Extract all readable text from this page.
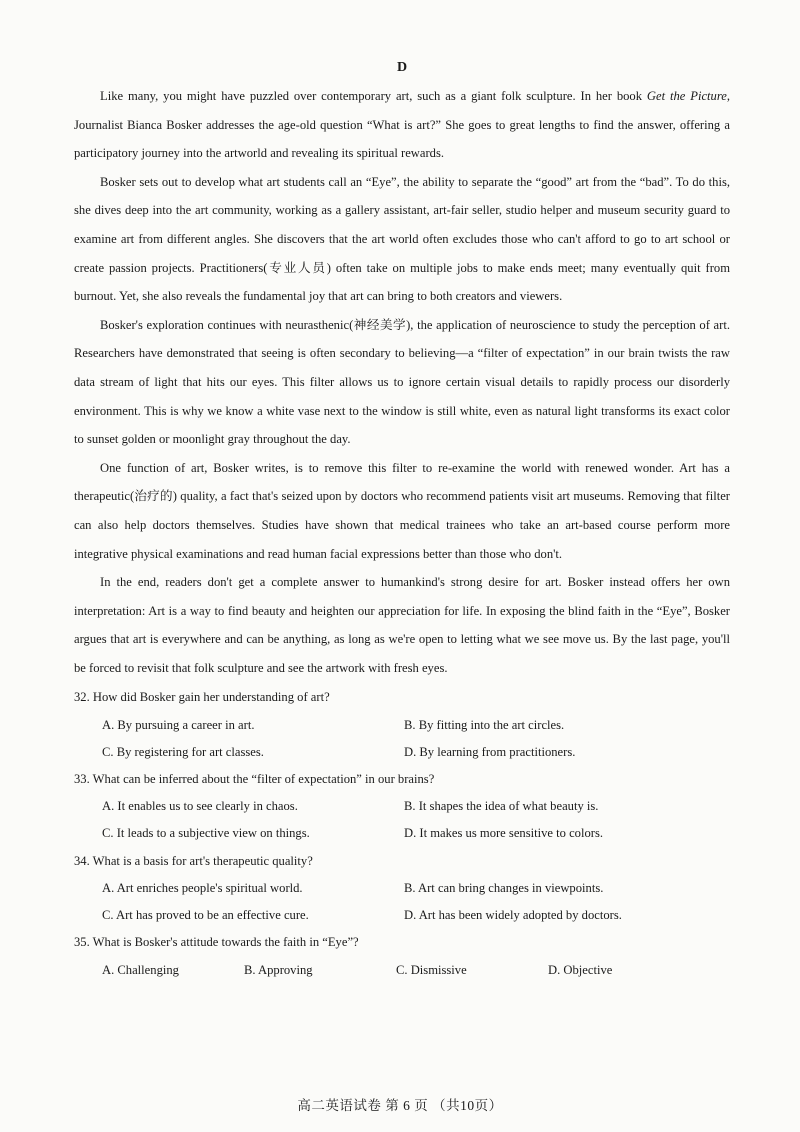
D

Like many, you might have puzzled over contemporary art, such as a giant folk sculpture. In her book Get the Picture, Journalist Bianca Bosker addresses the age-old question “What is art?” She goes to great lengths to find the answer, offering a participatory journey into the artworld and revealing its spiritual rewards.

Bosker sets out to develop what art students call an “Eye”, the ability to separate the “good” art from the “bad”. To do this, she dives deep into the art community, working as a gallery assistant, art-fair seller, studio helper and museum security guard to examine art from different angles. She discovers that the art world often excludes those who can't afford to go to art school or create passion projects. Practitioners(专业人员) often take on multiple jobs to make ends meet; many eventually quit from burnout. Yet, she also reveals the fundamental joy that art can bring to both creators and viewers.

Bosker's exploration continues with neurasthenic(神经美学), the application of neuroscience to study the perception of art. Researchers have demonstrated that seeing is often secondary to believing—a “filter of expectation” in our brain twists the raw data stream of light that hits our eyes. This filter allows us to ignore certain visual details to rapidly process our disorderly environment. This is why we know a white vase next to the window is still white, even as natural light transforms its exact color to sunset golden or moonlight gray throughout the day.

One function of art, Bosker writes, is to remove this filter to re-examine the world with renewed wonder. Art has a therapeutic(治疗的) quality, a fact that's seized upon by doctors who recommend patients visit art museums. Removing that filter can also help doctors themselves. Studies have shown that medical trainees who take an art-based course perform more integrative physical examinations and read human facial expressions better than those who don't.

In the end, readers don't get a complete answer to humankind's strong desire for art. Bosker instead offers her own interpretation: Art is a way to find beauty and heighten our appreciation for life. In exposing the blind faith in the “Eye”, Bosker argues that art is everywhere and can be anything, as long as we're open to letting what we see move us. By the last page, you'll be forced to revisit that folk sculpture and see the artwork with fresh eyes.

32. How did Bosker gain her understanding of art?

A. By pursuing a career in art.	B. By fitting into the art circles.
C. By registering for art classes.	D. By learning from practitioners.

33. What can be inferred about the “filter of expectation” in our brains?

A. It enables us to see clearly in chaos.	B. It shapes the idea of what beauty is.
C. It leads to a subjective view on things.	D. It makes us more sensitive to colors.

34. What is a basis for art's therapeutic quality?

A. Art enriches people's spiritual world.	B. Art can bring changes in viewpoints.
C. Art has proved to be an effective cure.	D. Art has been widely adopted by doctors.

35. What is Bosker's attitude towards the faith in “Eye”?

A. Challenging	B. Approving	C. Dismissive	D. Objective
高二英语试卷 第 6 页 （共10页）
